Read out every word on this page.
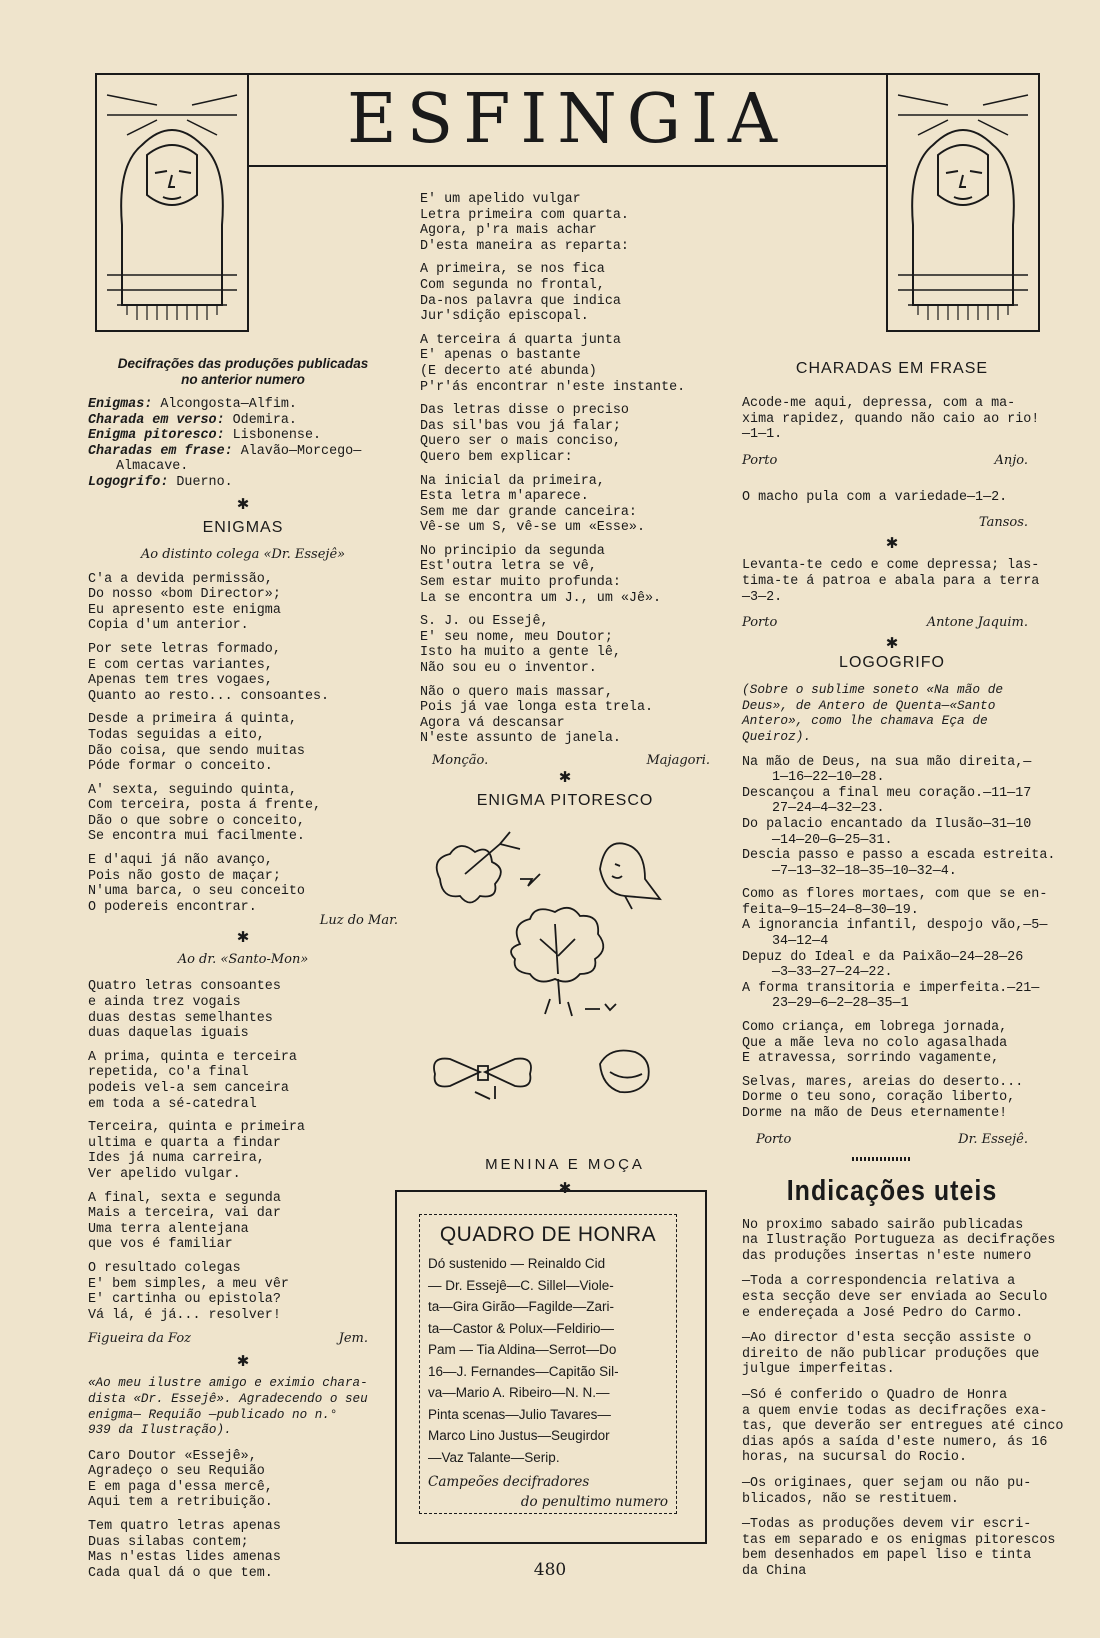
ESFINGIA
Decifrações das produções publicadas
no anterior numero
Enigmas: Alcongosta—Alfim.
Charada em verso: Odemira.
Enigma pitoresco: Lisbonense.
Charadas em frase: Alavão—Morcego—
Almacave.
Logogrifo: Duerno.
✱
ENIGMAS
Ao distinto colega «Dr. Essejê»
C'a a devida permissão,
Do nosso «bom Director»;
Eu apresento este enigma
Copia d'um anterior.
Por sete letras formado,
E com certas variantes,
Apenas tem tres vogaes,
Quanto ao resto... consoantes.
Desde a primeira á quinta,
Todas seguidas a eito,
Dão coisa, que sendo muitas
Póde formar o conceito.
A' sexta, seguindo quinta,
Com terceira, posta á frente,
Dão o que sobre o conceito,
Se encontra mui facilmente.
E d'aqui já não avanço,
Pois não gosto de maçar;
N'uma barca, o seu conceito
O podereis encontrar.
Luz do Mar.
✱
Ao dr. «Santo-Mon»
Quatro letras consoantes
e ainda trez vogais
duas destas semelhantes
duas daquelas iguais
A prima, quinta e terceira
repetida, co'a final
podeis vel-a sem canceira
em toda a sé-catedral
Terceira, quinta e primeira
ultima e quarta a findar
Ides já numa carreira,
Ver apelido vulgar.
A final, sexta e segunda
Mais a terceira, vai dar
Uma terra alentejana
que vos é familiar
O resultado colegas
E' bem simples, a meu vêr
E' cartinha ou epistola?
Vá lá, é já... resolver!
Figueira da Foz	Jem.
✱
«Ao meu ilustre amigo e eximio chara-
dista «Dr. Essejê». Agradecendo o seu
enigma— Requião —publicado no n.°
939 da Ilustração).
Caro Doutor «Essejê»,
Agradeço o seu Requião
E em paga d'essa mercê,
Aqui tem a retribuição.
Tem quatro letras apenas
Duas silabas contem;
Mas n'estas lides amenas
Cada qual dá o que tem.
E' um apelido vulgar
Letra primeira com quarta.
Agora, p'ra mais achar
D'esta maneira as reparta:
A primeira, se nos fica
Com segunda no frontal,
Da-nos palavra que indica
Jur'sdição episcopal.
A terceira á quarta junta
E' apenas o bastante
(E decerto até abunda)
P'r'ás encontrar n'este instante.
Das letras disse o preciso
Das sil'bas vou já falar;
Quero ser o mais conciso,
Quero bem explicar:
Na inicial da primeira,
Esta letra m'aparece.
Sem me dar grande canceira:
Vê-se um S, vê-se um «Esse».
No principio da segunda
Est'outra letra se vê,
Sem estar muito profunda:
La se encontra um J., um «Jê».
S. J. ou Essejê,
E' seu nome, meu Doutor;
Isto ha muito a gente lê,
Não sou eu o inventor.
Não o quero mais massar,
Pois já vae longa esta trela.
Agora vá descansar
N'este assunto de janela.
Monção.	Majagori.
✱
ENIGMA PITORESCO
MENINA E MOÇA
✱
QUADRO DE HONRA
Dó sustenido — Reinaldo Cid
— Dr. Essejê—C. Sillel—Viole-
ta—Gira Girão—Fagilde—Zari-
ta—Castor & Polux—Feldirio—
Pam — Tia Aldina—Serrot—Do
16—J. Fernandes—Capitão Sil-
va—Mario A. Ribeiro—N. N.—
Pinta scenas—Julio Tavares—
Marco Lino Justus—Seugirdor
—Vaz Talante—Serip.
Campeões decifradores
do penultimo numero
CHARADAS EM FRASE
Acode-me aqui, depressa, com a ma-
xima rapidez, quando não caio ao rio!
—1—1.
Porto	Anjo.
O macho pula com a variedade—1—2.
Tansos.
✱
Levanta-te cedo e come depressa; las-
tima-te á patroa e abala para a terra
—3—2.
Porto	Antone Jaquim.
✱
LOGOGRIFO
(Sobre o sublime soneto «Na mão de
Deus», de Antero de Quenta—«Santo
Antero», como lhe chamava Eça de
Queiroz).
Na mão de Deus, na sua mão direita,—
1—16—22—10—28.
Descançou a final meu coração.—11—17
27—24—4—32—23.
Do palacio encantado da Ilusão—31—10
—14—20—G—25—31.
Descia passo e passo a escada estreita.
—7—13—32—18—35—10—32—4.
Como as flores mortaes, com que se en-
feita—9—15—24—8—30—19.
A ignorancia infantil, despojo vão,—5—
34—12—4
Depuz do Ideal e da Paixão—24—28—26
—3—33—27—24—22.
A forma transitoria e imperfeita.—21—
23—29—6—2—28—35—1
Como criança, em lobrega jornada,
Que a mãe leva no colo agasalhada
E atravessa, sorrindo vagamente,
Selvas, mares, areias do deserto...
Dorme o teu sono, coração liberto,
Dorme na mão de Deus eternamente!
Porto	Dr. Essejê.
Indicações uteis
No proximo sabado sairão publicadas
na Ilustração Portugueza as decifrações
das produções insertas n'este numero
—Toda a correspondencia relativa a
esta secção deve ser enviada ao Seculo
e endereçada a José Pedro do Carmo.
—Ao director d'esta secção assiste o
direito de não publicar produções que
julgue imperfeitas.
—Só é conferido o Quadro de Honra
a quem envie todas as decifrações exa-
tas, que deverão ser entregues até cinco
dias após a saída d'este numero, ás 16
horas, na sucursal do Rocio.
—Os originaes, quer sejam ou não pu-
blicados, não se restituem.
—Todas as produções devem vir escri-
tas em separado e os enigmas pitorescos
bem desenhados em papel liso e tinta
da China
480
